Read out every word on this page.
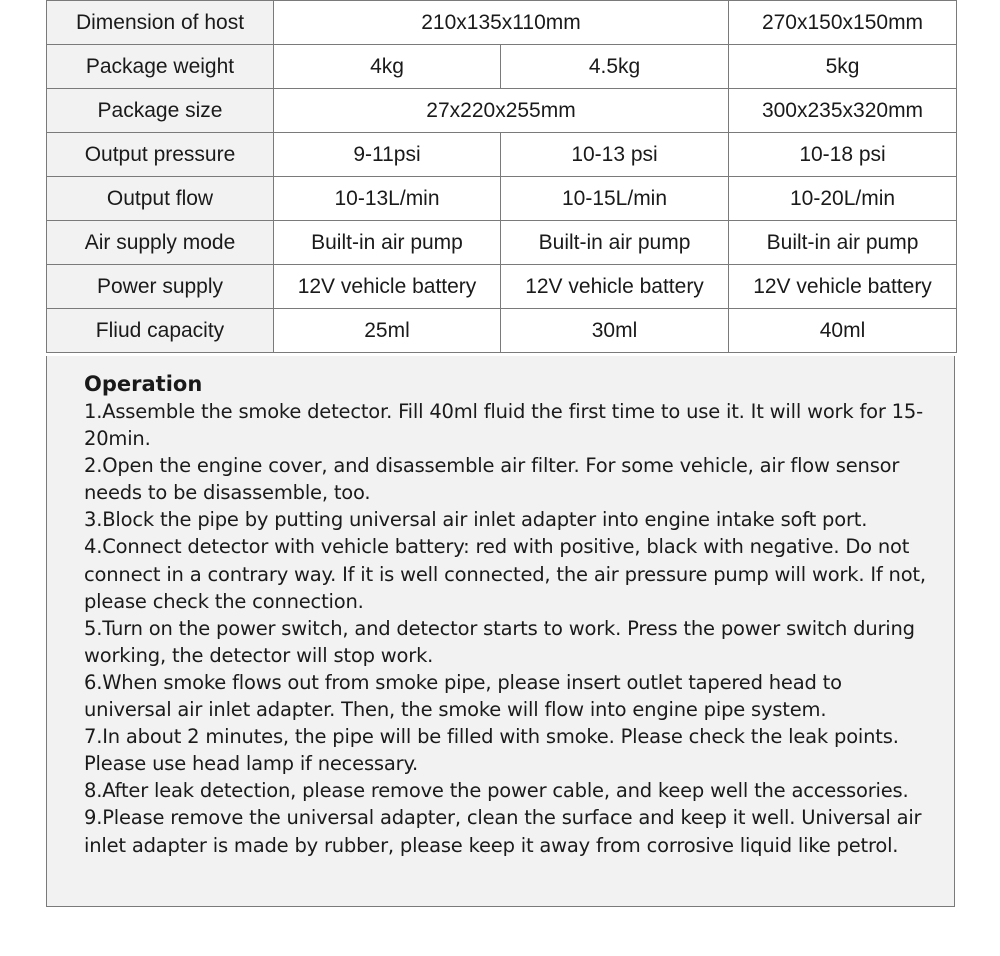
Dimension of host	210x135x110mm		270x150x150mm
Package weight	4kg	4.5kg	5kg
Package size	27x220x255mm		300x235x320mm
Output pressure	9-11psi	10-13 psi	10-18 psi
Output flow	10-13L/min	10-15L/min	10-20L/min
Air supply mode	Built-in air pump	Built-in air pump	Built-in air pump
Power supply	12V vehicle battery	12V vehicle battery	12V vehicle battery
Fliud capacity	25ml	30ml	40ml
Operation
1.Assemble the smoke detector. Fill 40ml fluid the first time to use it. It will work for 15-20min.
2.Open the engine cover, and disassemble air filter. For some vehicle, air flow sensor needs to be disassemble, too.
3.Block the pipe by putting universal air inlet adapter into engine intake soft port.
4.Connect detector with vehicle battery: red with positive, black with negative. Do not connect in a contrary way. If it is well connected, the air pressure pump will work. If not, please check the connection.
5.Turn on the power switch, and detector starts to work. Press the power switch during working, the detector will stop work.
6.When smoke flows out from smoke pipe, please insert outlet tapered head to universal air inlet adapter. Then, the smoke will flow into engine pipe system.
7.In about 2 minutes, the pipe will be filled with smoke. Please check the leak points. Please use head lamp if necessary.
8.After leak detection, please remove the power cable, and keep well the accessories.
9.Please remove the universal adapter, clean the surface and keep it well. Universal air inlet adapter is made by rubber, please keep it away from corrosive liquid like petrol.
